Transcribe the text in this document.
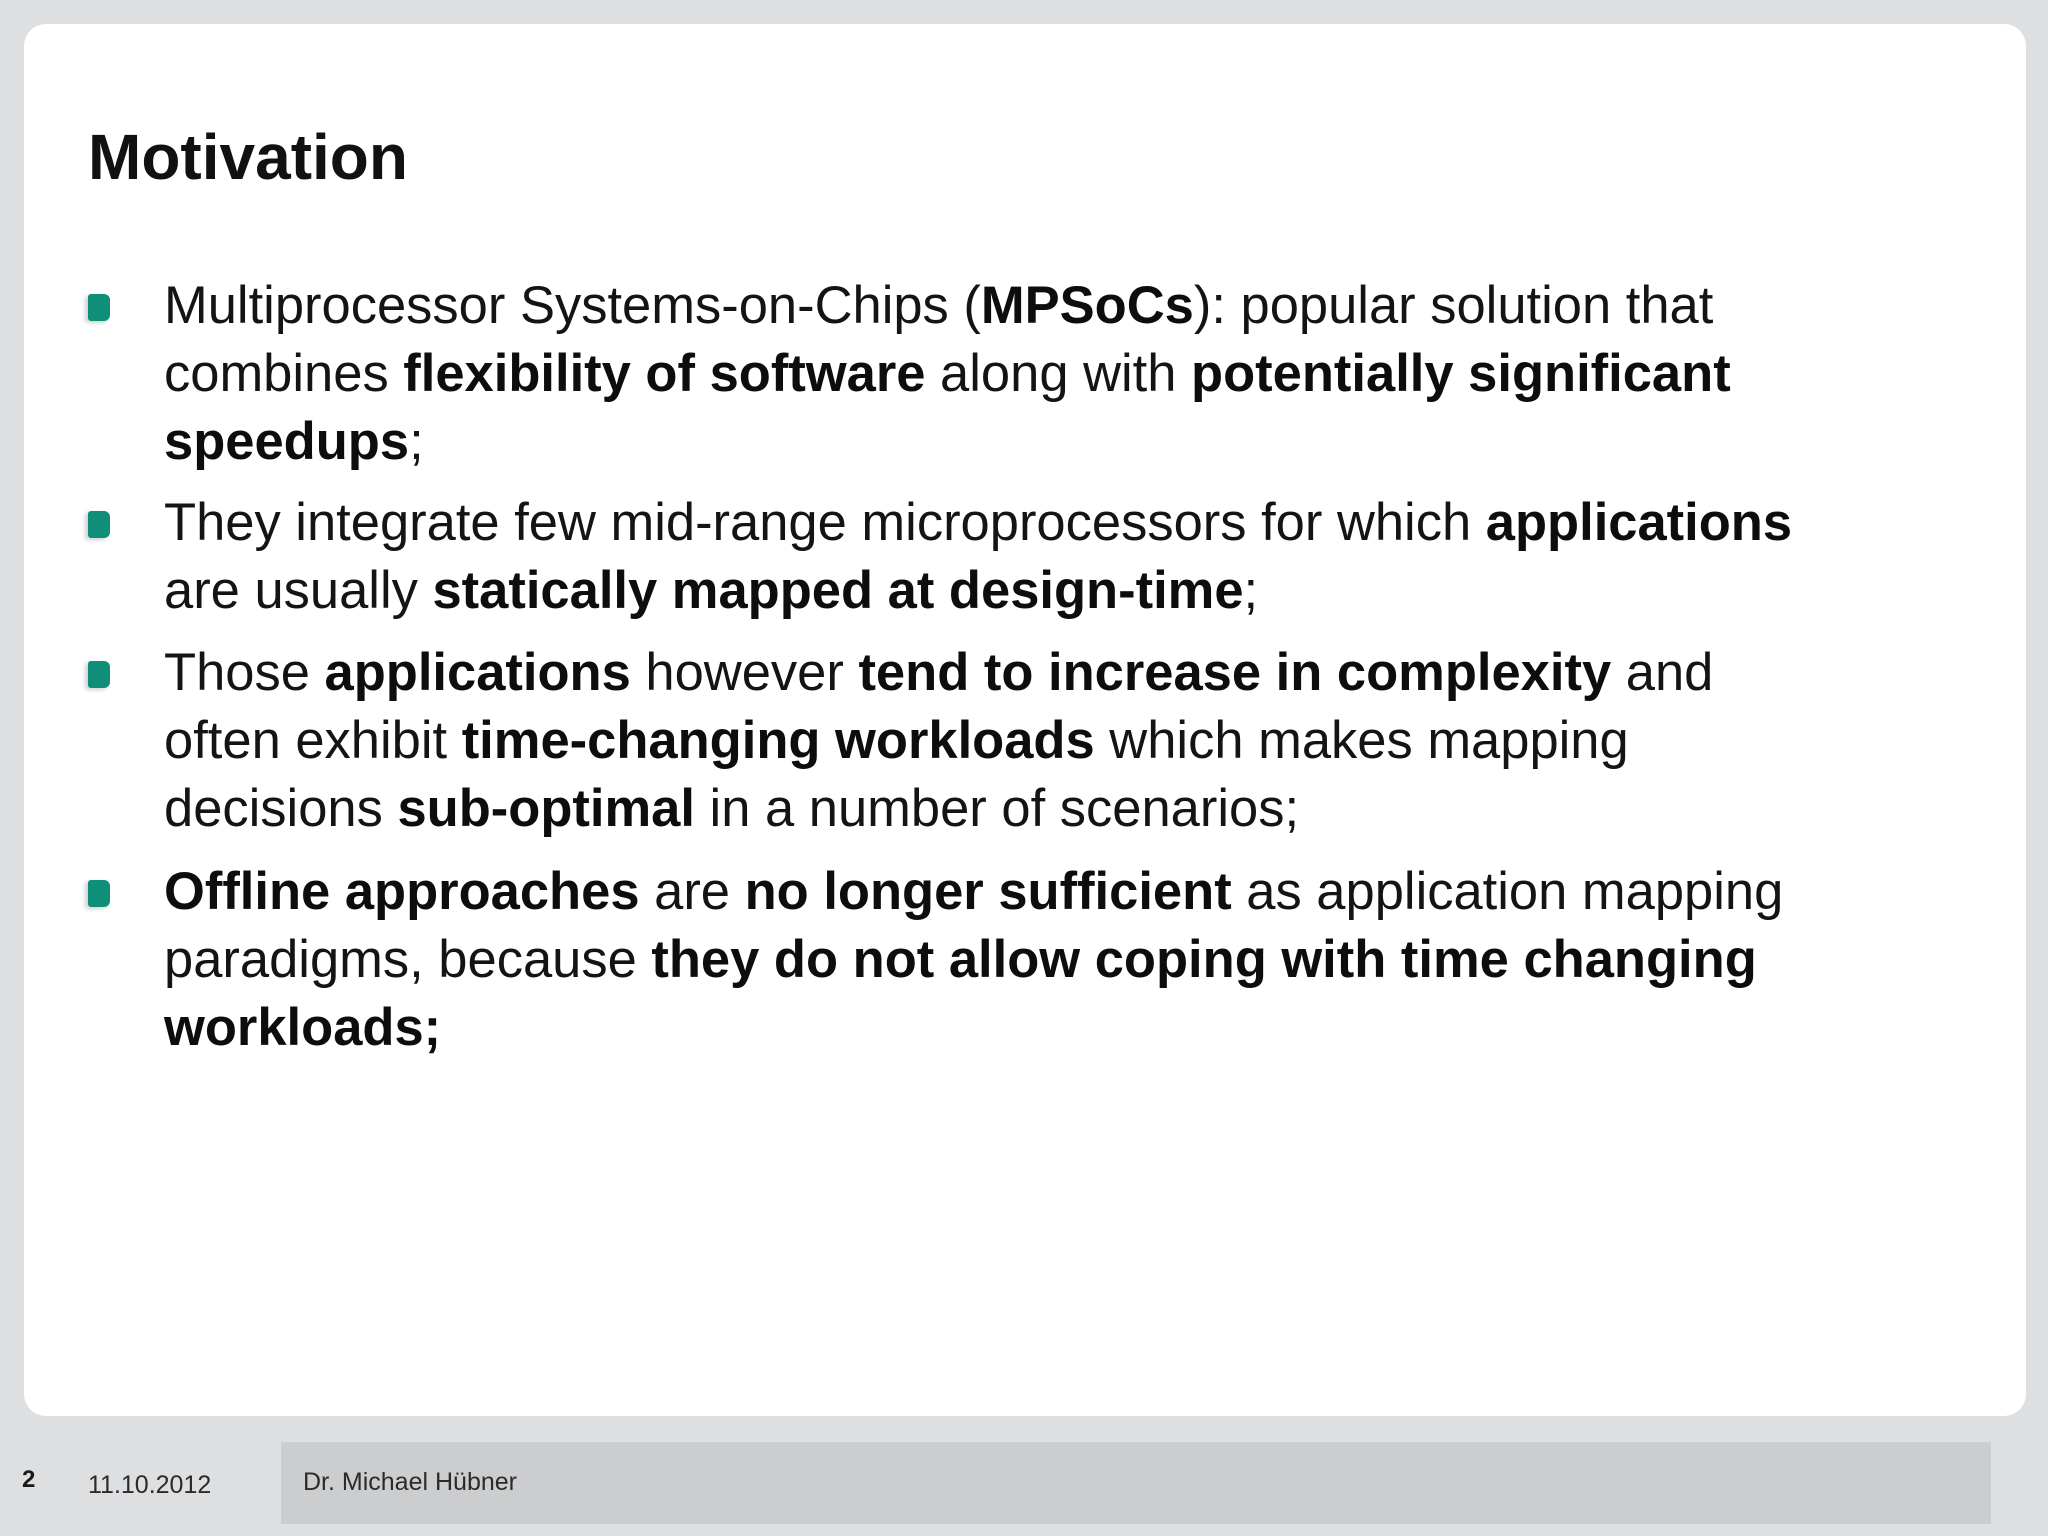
Motivation
Multiprocessor Systems-on-Chips (MPSoCs): popular solution that
combines flexibility of software along with potentially significant
speedups;
They integrate few mid-range microprocessors for which applications
are usually statically mapped at design-time;
Those applications however tend to increase in complexity and
often exhibit time-changing workloads which makes mapping
decisions sub-optimal in a number of scenarios;
Offline approaches are no longer sufficient as application mapping
paradigms, because they do not allow coping with time changing
workloads;
2 11.10.2012	Dr. Michael Hübner
